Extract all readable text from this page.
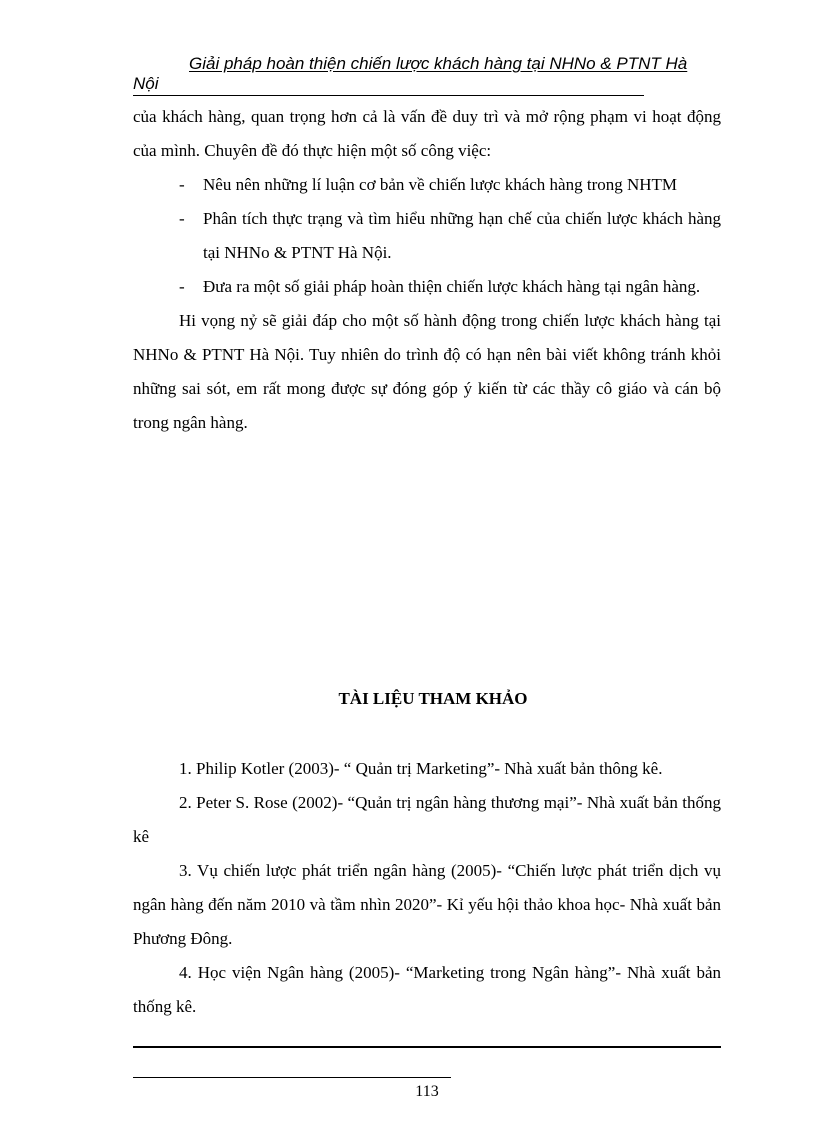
Giải pháp hoàn thiện chiến lược khách hàng tại NHNo & PTNT Hà
Nội

của khách hàng, quan trọng hơn cả là vấn đề duy trì và mở rộng phạm vi hoạt động của mình. Chuyên đề đó thực hiện một số công việc:

- Nêu nên những lí luận cơ bản về chiến lược khách hàng trong NHTM
- Phân tích thực trạng và tìm hiểu những hạn chế của chiến lược khách hàng tại NHNo & PTNT Hà Nội.
- Đưa ra một số giải pháp hoàn thiện chiến lược khách hàng tại ngân hàng.

Hi vọng nỷ sẽ giải đáp cho một số hành động trong chiến lược khách hàng tại NHNo & PTNT Hà Nội. Tuy nhiên do trình độ có hạn nên bài viết không tránh khỏi những sai sót, em rất mong được sự đóng góp ý kiến từ các thầy cô giáo và cán bộ trong ngân hàng.

TÀI LIỆU THAM KHẢO

1. Philip Kotler (2003)- “ Quản trị Marketing”- Nhà xuất bản thông kê.

2. Peter S. Rose (2002)- “Quản trị ngân hàng thương mại”- Nhà xuất bản thống kê

3. Vụ chiến lược phát triển ngân hàng (2005)- “Chiến lược phát triển dịch vụ ngân hàng đến năm 2010 và tầm nhìn 2020”- Kỉ yếu hội thảo khoa học- Nhà xuất bản Phương Đông.

4. Học viện Ngân hàng (2005)- “Marketing trong Ngân hàng”- Nhà xuất bản thống kê.

113
